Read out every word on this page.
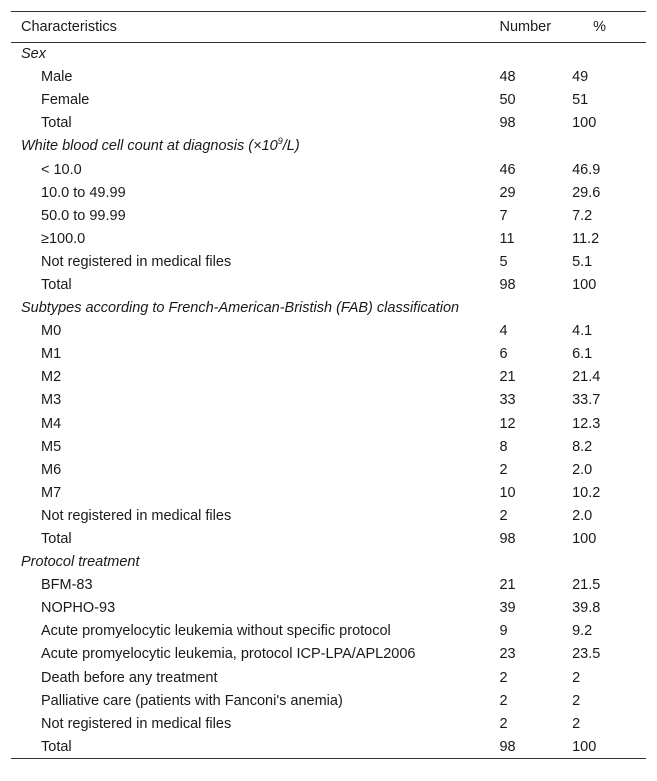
Characteristics	Number	%
Sex		
Male	48	49
Female	50	51
Total	98	100
White blood cell count at diagnosis $(\times 10^9/L)$		
< 10.0	46	46.9
10.0 to 49.99	29	29.6
50.0 to 99.99	7	7.2
≥100.0	11	11.2
Not registered in medical files	5	5.1
Total	98	100
Subtypes according to French-American-Bristish (FAB) classification		
M0	4	4.1
M1	6	6.1
M2	21	21.4
M3	33	33.7
M4	12	12.3
M5	8	8.2
M6	2	2.0
M7	10	10.2
Not registered in medical files	2	2.0
Total	98	100
Protocol treatment		
BFM-83	21	21.5
NOPHO-93	39	39.8
Acute promyelocytic leukemia without specific protocol	9	9.2
Acute promyelocytic leukemia, protocol ICP-LPA/APL2006	23	23.5
Death before any treatment	2	2
Palliative care (patients with Fanconi's anemia)	2	2
Not registered in medical files	2	2
Total	98	100
